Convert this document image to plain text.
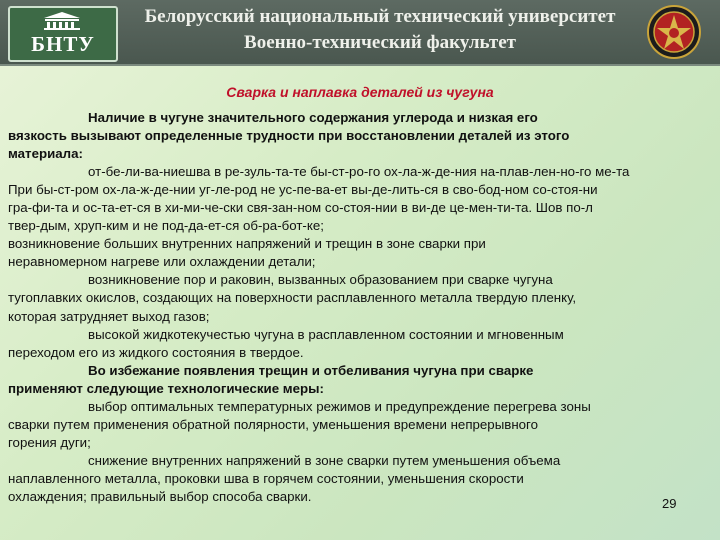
БНТУ
Белорусский национальный технический университет
Военно-технический факультет
Сварка и наплавка деталей из чугуна
Наличие в чугуне значительного содержания углерода и низкая его
вязкость вызывают определенные трудности при восстановлении деталей из этого
материала:
от-бе-ли-ва-ниешва в ре-зуль-та-те бы-ст-ро-го ох-ла-ж-де-ния на-плав-лен-но-го ме-та
При бы-ст-ром ох-ла-ж-де-нии уг-ле-род не ус-пе-ва-ет вы-де-лить-ся в сво-бод-ном со-стоя-ни
гра-фи-та и ос-та-ет-ся в хи-ми-че-ски свя-зан-ном со-стоя-нии в ви-де це-мен-ти-та. Шов по-л
твер-дым, хруп-ким и не под-да-ет-ся об-ра-бот-ке;
возникновение больших внутренних напряжений и трещин в зоне сварки при
неравномерном нагреве или охлаждении детали;
возникновение пор и раковин, вызванных образованием при сварке чугуна
тугоплавких окислов, создающих на поверхности расплавленного металла твердую пленку,
которая затрудняет выход газов;
высокой жидкотекучестью чугуна в расплавленном состоянии и мгновенным
переходом его из жидкого состояния в твердое.
Во избежание появления трещин и отбеливания чугуна при сварке
применяют следующие технологические меры:
выбор оптимальных температурных режимов и предупреждение перегрева зоны
сварки путем применения обратной полярности, уменьшения времени непрерывного
горения дуги;
снижение внутренних напряжений в зоне сварки путем уменьшения объема
наплавленного металла, проковки шва в горячем состоянии, уменьшения скорости
охлаждения; правильный выбор способа сварки.	29
